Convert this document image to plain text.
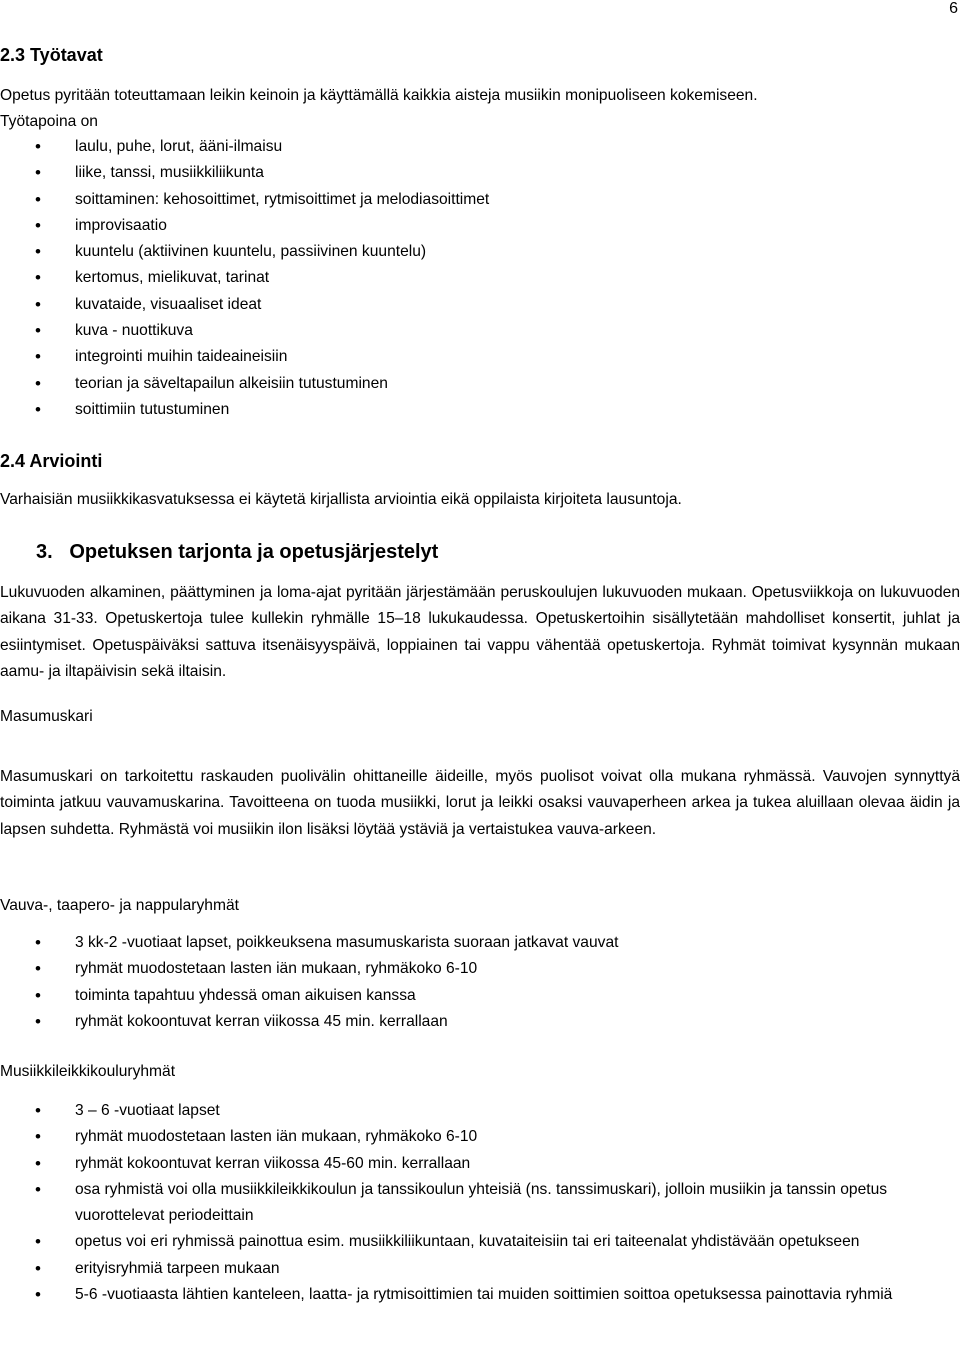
6
2.3 Työtavat
Opetus pyritään toteuttamaan leikin keinoin ja käyttämällä kaikkia aisteja musiikin monipuoliseen kokemiseen.
Työtapoina on
• laulu, puhe, lorut, ääni-ilmaisu
• liike, tanssi, musiikkiliikunta
• soittaminen: kehosoittimet, rytmisoittimet ja melodiasoittimet
• improvisaatio
• kuuntelu (aktiivinen kuuntelu, passiivinen kuuntelu)
• kertomus, mielikuvat, tarinat
• kuvataide, visuaaliset ideat
• kuva - nuottikuva
• integrointi muihin taideaineisiin
• teorian ja säveltapailun alkeisiin tutustuminen
• soittimiin tutustuminen
2.4 Arviointi
Varhaisiän musiikkikasvatuksessa ei käytetä kirjallista arviointia eikä oppilaista kirjoiteta lausuntoja.
3.   Opetuksen tarjonta ja opetusjärjestelyt
Lukuvuoden alkaminen, päättyminen ja loma-ajat pyritään järjestämään peruskoulujen lukuvuoden mukaan. Opetusviikkoja on lukuvuoden aikana 31-33. Opetuskertoja tulee kullekin ryhmälle 15–18 lukukaudessa. Opetuskertoihin sisällytetään mahdolliset konsertit, juhlat ja esiintymiset. Opetuspäiväksi sattuva itsenäisyyspäivä, loppiainen tai vappu vähentää opetuskertoja. Ryhmät toimivat kysynnän mukaan aamu- ja iltapäivisin sekä iltaisin.
Masumuskari
Masumuskari on tarkoitettu raskauden puolivälin ohittaneille äideille, myös puolisot voivat olla mukana ryhmässä. Vauvojen synnyttyä toiminta jatkuu vauvamuskarina. Tavoitteena on tuoda musiikki, lorut ja leikki osaksi vauvaperheen arkea ja tukea aluillaan olevaa äidin ja lapsen suhdetta. Ryhmästä voi musiikin ilon lisäksi löytää ystäviä ja vertaistukea vauva-arkeen.
Vauva-, taapero- ja nappularyhmät
• 3 kk-2 -vuotiaat lapset, poikkeuksena masumuskarista suoraan jatkavat vauvat
• ryhmät muodostetaan lasten iän mukaan, ryhmäkoko 6-10
• toiminta tapahtuu yhdessä oman aikuisen kanssa
• ryhmät kokoontuvat kerran viikossa 45 min. kerrallaan
Musiikkileikkikouluryhmät
• 3 – 6 -vuotiaat lapset
• ryhmät muodostetaan lasten iän mukaan, ryhmäkoko 6-10
• ryhmät kokoontuvat kerran viikossa 45-60 min. kerrallaan
• osa ryhmistä voi olla musiikkileikkikoulun ja tanssikoulun yhteisiä (ns. tanssimuskari), jolloin musiikin ja tanssin opetus vuorottelevat periodeittain
• opetus voi eri ryhmissä painottua esim. musiikkiliikuntaan, kuvataiteisiin tai eri taiteenalat yhdistävään opetukseen
• erityisryhmiä tarpeen mukaan
• 5-6 -vuotiaasta lähtien kanteleen, laatta- ja rytmisoittimien tai muiden soittimien soittoa opetuksessa painottavia ryhmiä
